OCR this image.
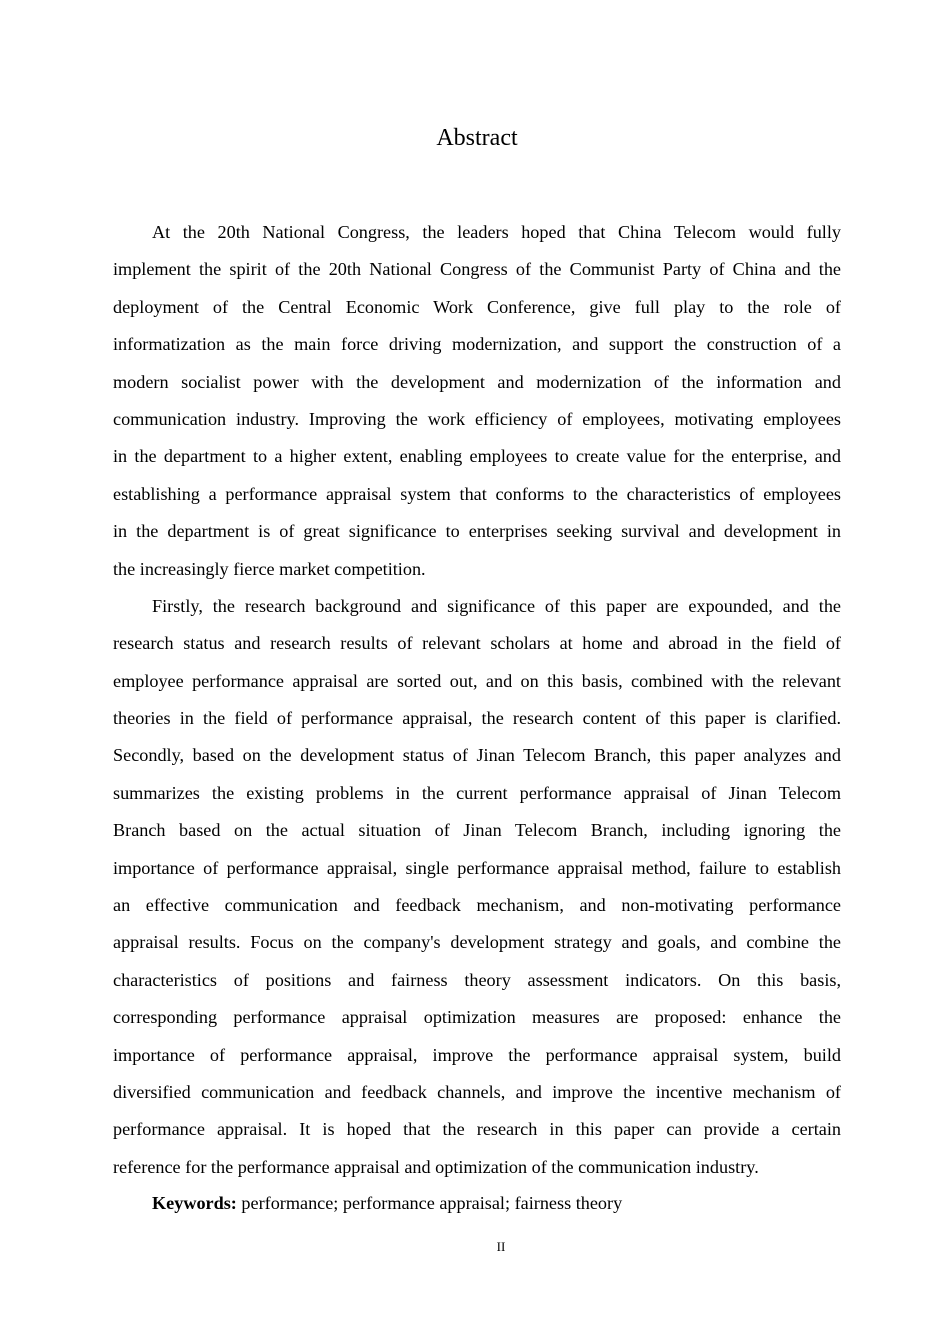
Abstract
At the 20th National Congress, the leaders hoped that China Telecom would fully
implement the spirit of the 20th National Congress of the Communist Party of China and the
deployment of the Central Economic Work Conference, give full play to the role of
informatization as the main force driving modernization, and support the construction of a
modern socialist power with the development and modernization of the information and
communication industry. Improving the work efficiency of employees, motivating employees
in the department to a higher extent, enabling employees to create value for the enterprise, and
establishing a performance appraisal system that conforms to the characteristics of employees
in the department is of great significance to enterprises seeking survival and development in
the increasingly fierce market competition.
Firstly, the research background and significance of this paper are expounded, and the
research status and research results of relevant scholars at home and abroad in the field of
employee performance appraisal are sorted out, and on this basis, combined with the relevant
theories in the field of performance appraisal, the research content of this paper is clarified.
Secondly, based on the development status of Jinan Telecom Branch, this paper analyzes and
summarizes the existing problems in the current performance appraisal of Jinan Telecom
Branch based on the actual situation of Jinan Telecom Branch, including ignoring the
importance of performance appraisal, single performance appraisal method, failure to establish
an effective communication and feedback mechanism, and non-motivating performance
appraisal results. Focus on the company's development strategy and goals, and combine the
characteristics of positions and fairness theory assessment indicators. On this basis,
corresponding performance appraisal optimization measures are proposed: enhance the
importance of performance appraisal, improve the performance appraisal system, build
diversified communication and feedback channels, and improve the incentive mechanism of
performance appraisal. It is hoped that the research in this paper can provide a certain
reference for the performance appraisal and optimization of the communication industry.
Keywords: performance; performance appraisal; fairness theory
II
